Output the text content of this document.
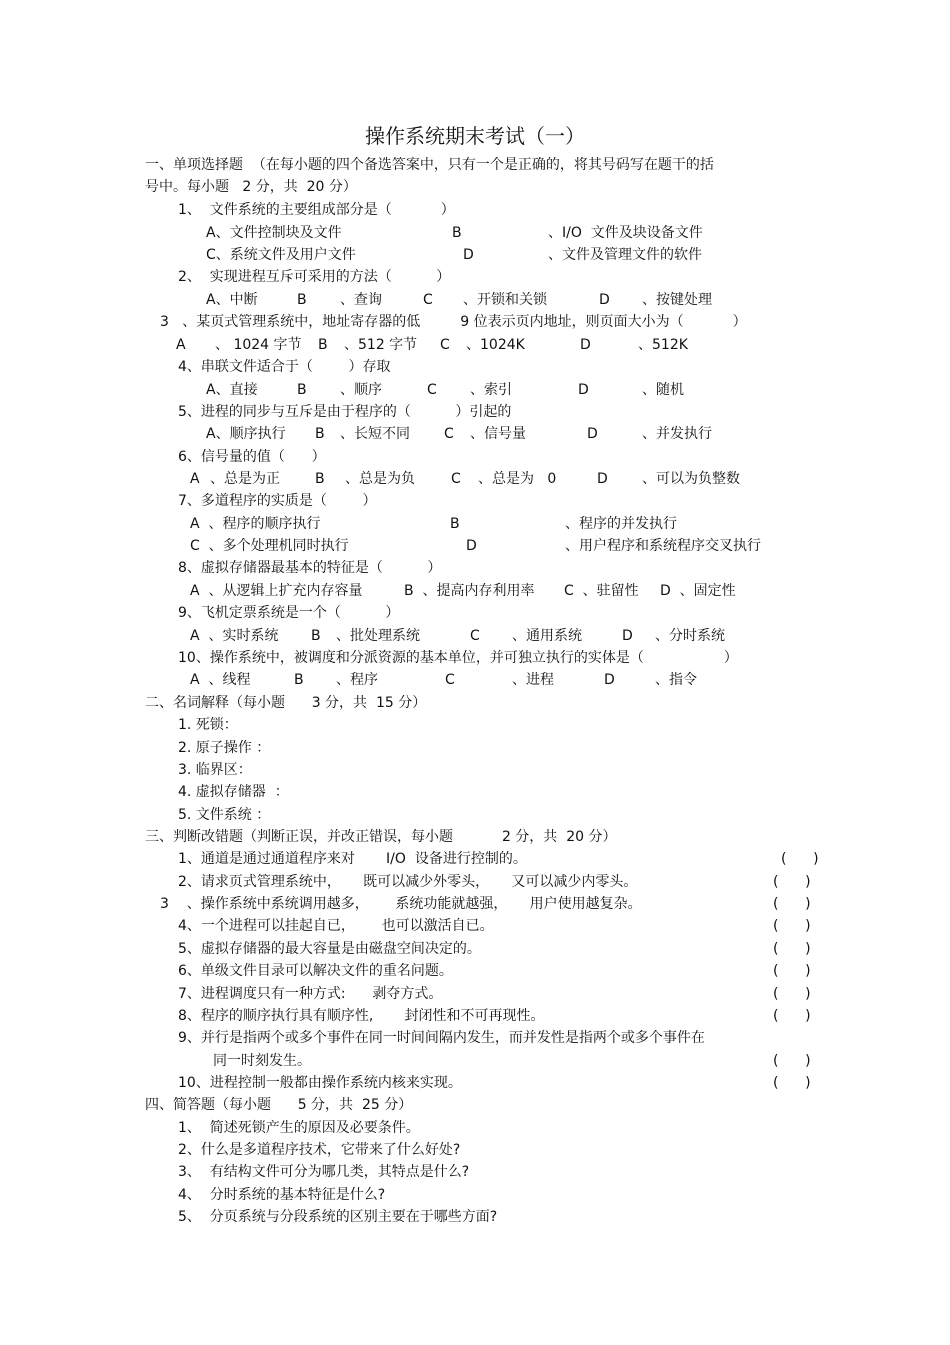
操作系统期末考试（一）
一、单项选择题  （在每小题的四个备选答案中，只有一个是正确的，将其号码写在题干的括
号中。每小题   2 分，共  20 分）
1、  文件系统的主要组成部分是（           ）
A、文件控制块及文件	B	、I/O  文件及块设备文件
C、系统文件及用户文件	D	、文件及管理文件的软件
2、  实现进程互斥可采用的方法（          ）
A、中断	B 、查询	C 、开锁和关锁	D 、按键处理
3   、某页式管理系统中，地址寄存器的低         9 位表示页内地址，则页面大小为（           ）
A 、 1024 字节 B 、512 字节 C 、1024K	D	、512K
4、串联文件适合于（        ）存取
A、直接	B 、顺序	C 、索引	D	、随机
5、进程的同步与互斥是由于程序的（          ）引起的
A、顺序执行 B 、长短不同 C 、信号量	D	、并发执行
6、信号量的值（      ）
A 、总是为正	B 、总是为负	C 、总是为   0	D 、可以为负整数
7、多道程序的实质是（        ）
A  、程序的顺序执行	B	、程序的并发执行
C  、多个处理机同时执行	D	、用户程序和系统程序交叉执行
8、虚拟存储器最基本的特征是（          ）
A  、从逻辑上扩充内存容量	B  、提高内存利用率 C  、驻留性 D  、固定性
9、飞机定票系统是一个（          ）
A  、实时系统 B 、批处理系统	C 、通用系统	D 、分时系统
10、操作系统中，被调度和分派资源的基本单位，并可独立执行的实体是（                  ）
A  、线程	B 、程序	C	、进程	D	、指令
二、名词解释（每小题      3 分，共  15 分）
1. 死锁：
2. 原子操作 ：
3. 临界区：
4. 虚拟存储器  ：
5. 文件系统 ：
三、判断改错题（判断正误，并改正错误，每小题           2 分，共  20 分）
1、通道是通过通道程序来对       I/O  设备进行控制的。	(      )
2、请求页式管理系统中，     既可以减少外零头，     又可以减少内零头。	(      )
3    、操作系统中系统调用越多，      系统功能就越强，     用户使用越复杂。	(      )
4、一个进程可以挂起自已，      也可以激活自已。	(      )
5、虚拟存储器的最大容量是由磁盘空间决定的。	(      )
6、单级文件目录可以解决文件的重名问题。	(      )
7、进程调度只有一种方式:      剥夺方式。	(      )
8、程序的顺序执行具有顺序性,       封闭性和不可再现性。	(      )
9、并行是指两个或多个事件在同一时间间隔内发生，而并发性是指两个或多个事件在
同一时刻发生。	(      )
10、进程控制一般都由操作系统内核来实现。	(      )
四、简答题（每小题      5 分，共  25 分）
1、  简述死锁产生的原因及必要条件。
2、什么是多道程序技术，它带来了什么好处?
3、  有结构文件可分为哪几类，其特点是什么?
4、  分时系统的基本特征是什么?
5、  分页系统与分段系统的区别主要在于哪些方面?
